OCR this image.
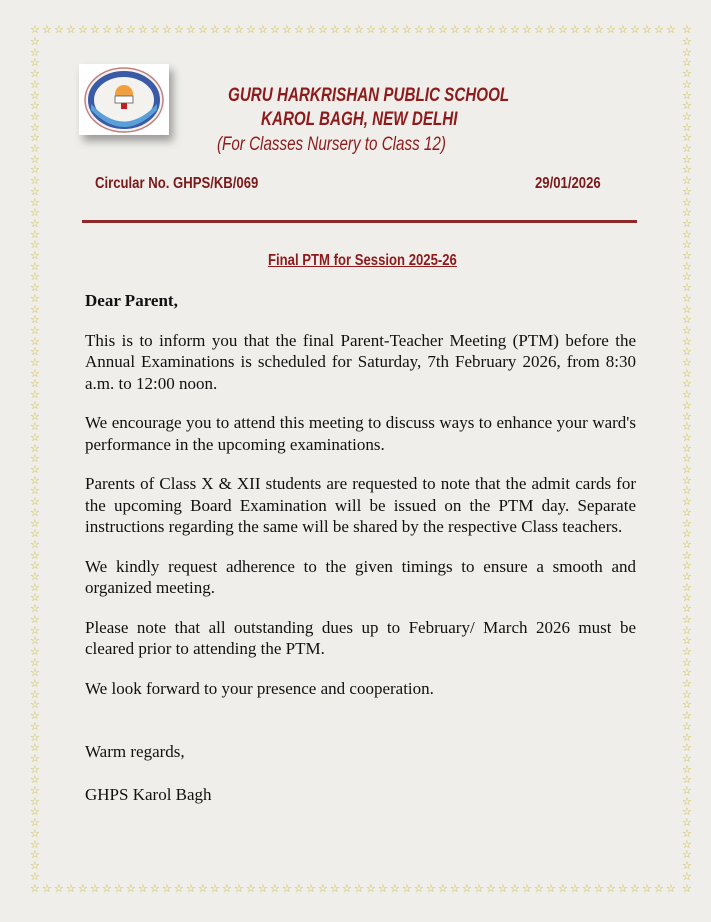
☆
☆
☆
☆
☆
☆
☆
☆
☆
☆
☆
☆
☆
☆
☆
☆
☆
☆
☆
☆
☆
☆
☆
☆
☆
☆
☆
☆
☆
☆
☆
☆
☆
☆
☆
☆
☆
☆
☆
☆
☆
☆
☆
☆
☆
☆
☆
☆
☆
☆
☆
☆
☆
☆
☆
☆
☆
☆
☆
☆
☆
☆
☆
☆
☆
☆
☆
☆
☆
☆
☆
☆
☆
☆
☆
☆
☆
☆
☆
☆
☆
☆
☆
☆
☆
☆
☆
☆
☆
☆
☆
☆
☆
☆
☆
☆
☆
☆
☆
☆
☆
☆
☆
☆
☆
☆
☆
☆
☆
☆
☆	☆
☆	☆
☆	☆
☆	☆
☆	☆
☆	☆
☆	☆
☆	☆
☆	☆
☆	☆
☆	☆
☆	☆
☆	☆
☆	☆
☆	☆
☆	☆
☆	☆
☆	☆
☆	☆
☆	☆
☆	☆
☆	☆
☆	☆
☆	☆
☆	☆
☆	☆
☆	☆
☆	☆
☆	☆
☆	☆
☆	☆
☆	☆
☆	☆
☆	☆
☆	☆
☆	☆
☆	☆
☆	☆
☆	☆
☆	☆
☆	☆
☆	☆
☆	☆
☆	☆
☆	☆
☆	☆
☆	☆
☆	☆
☆	☆
☆	☆
☆	☆
☆	☆
☆	☆
☆	☆
☆	☆
☆	☆
☆	☆
☆	☆
☆	☆
☆	☆
☆	☆
☆	☆
☆	☆
☆	☆
☆	☆
☆	☆
☆	☆
☆	☆
☆	☆
☆	☆
☆	☆
☆	☆
☆	☆
☆	☆
☆	☆
☆	☆
☆	☆
☆	☆
☆	☆
GURU HARKRISHAN PUBLIC SCHOOL
KAROL BAGH, NEW DELHI
(For Classes Nursery to Class 12)
Circular No. GHPS/KB/069	29/01/2026
Final PTM for Session 2025-26
Dear Parent,
This is to inform you that the final Parent-Teacher Meeting (PTM) before the Annual Examinations is scheduled for Saturday, 7th February 2026, from 8:30 a.m. to 12:00 noon.
We encourage you to attend this meeting to discuss ways to enhance your ward's performance in the upcoming examinations.
Parents of Class X & XII students are requested to note that the admit cards for the upcoming Board Examination will be issued on the PTM day. Separate instructions regarding the same will be shared by the respective Class teachers.
We kindly request adherence to the given timings to ensure a smooth and organized meeting.
Please note that all outstanding dues up to February/ March 2026 must be cleared prior to attending the PTM.
We look forward to your presence and cooperation.
Warm regards,
GHPS Karol Bagh
